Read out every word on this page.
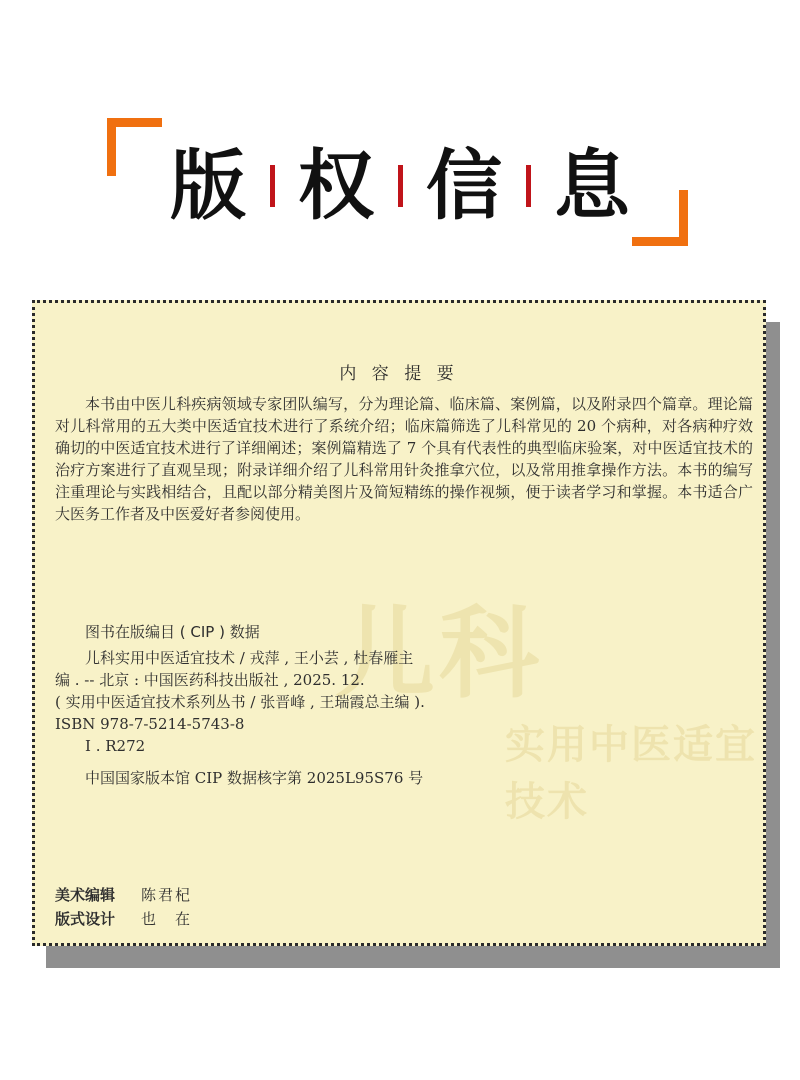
版 权 信 息
儿科
实用中医适宜技术
内 容 提 要

本书由中医儿科疾病领域专家团队编写，分为理论篇、临床篇、案例篇，以及附录四个篇章。理论篇对儿科常用的五大类中医适宜技术进行了系统介绍；临床篇筛选了儿科常见的 20 个病种，对各病种疗效确切的中医适宜技术进行了详细阐述；案例篇精选了 7 个具有代表性的典型临床验案，对中医适宜技术的治疗方案进行了直观呈现；附录详细介绍了儿科常用针灸推拿穴位，以及常用推拿操作方法。本书的编写注重理论与实践相结合，且配以部分精美图片及简短精练的操作视频，便于读者学习和掌握。本书适合广大医务工作者及中医爱好者参阅使用。

图书在版编目 ( CIP ) 数据
儿科实用中医适宜技术 / 戎萍 , 王小芸 , 杜春雁主
编 . -- 北京 : 中国医药科技出版社 , 2025. 12.
( 实用中医适宜技术系列丛书 / 张晋峰 , 王瑞霞总主编 ).
ISBN 978-7-5214-5743-8
Ⅰ . R272
中国国家版本馆 CIP 数据核字第 2025L95S76 号
美术编辑	陈君杞
版式设计	也　在
